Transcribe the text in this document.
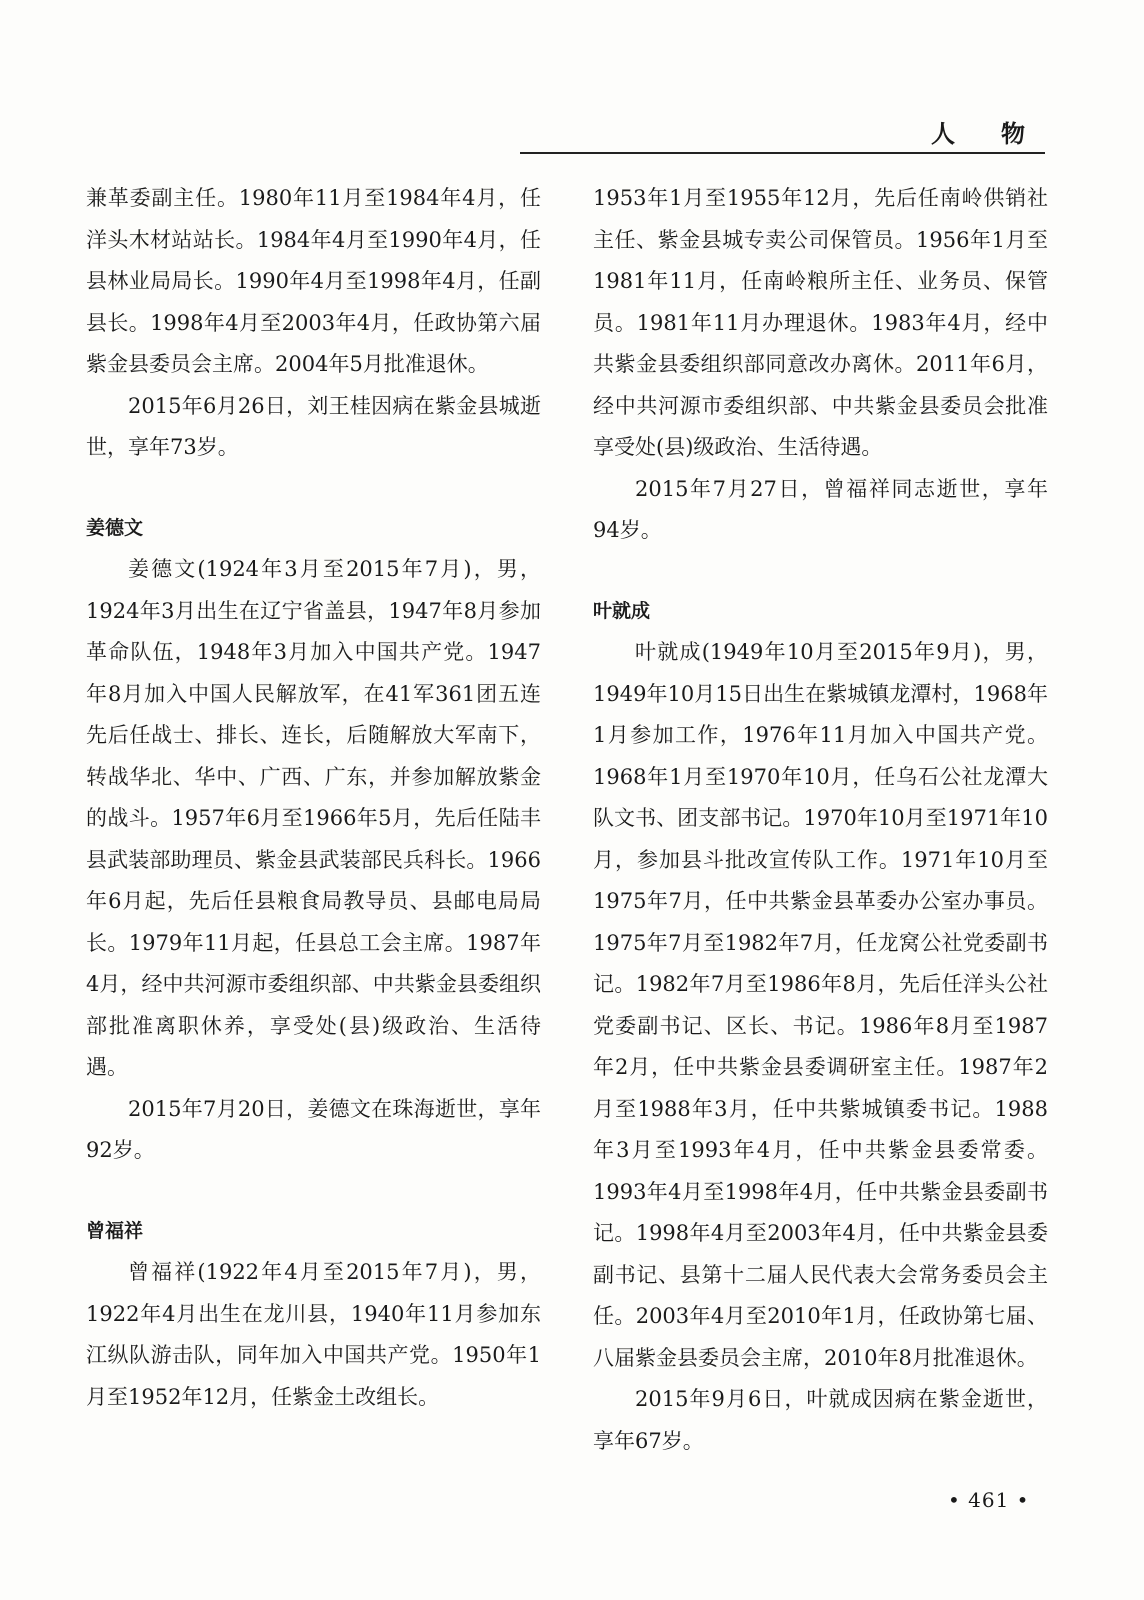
人物

兼革委副主任。1980年11月至1984年4月，任洋头木材站站长。1984年4月至1990年4月，任县林业局局长。1990年4月至1998年4月，任副县长。1998年4月至2003年4月，任政协第六届紫金县委员会主席。2004年5月批准退休。

2015年6月26日，刘王桂因病在紫金县城逝世，享年73岁。

姜德文

姜德文(1924年3月至2015年7月)，男，1924年3月出生在辽宁省盖县，1947年8月参加革命队伍，1948年3月加入中国共产党。1947年8月加入中国人民解放军，在41军361团五连先后任战士、排长、连长，后随解放大军南下，转战华北、华中、广西、广东，并参加解放紫金的战斗。1957年6月至1966年5月，先后任陆丰县武装部助理员、紫金县武装部民兵科长。1966年6月起，先后任县粮食局教导员、县邮电局局长。1979年11月起，任县总工会主席。1987年4月，经中共河源市委组织部、中共紫金县委组织部批准离职休养，享受处(县)级政治、生活待遇。

2015年7月20日，姜德文在珠海逝世，享年92岁。

曾福祥

曾福祥(1922年4月至2015年7月)，男，1922年4月出生在龙川县，1940年11月参加东江纵队游击队，同年加入中国共产党。1950年1月至1952年12月，任紫金土改组长。

1953年1月至1955年12月，先后任南岭供销社主任、紫金县城专卖公司保管员。1956年1月至1981年11月，任南岭粮所主任、业务员、保管员。1981年11月办理退休。1983年4月，经中共紫金县委组织部同意改办离休。2011年6月，经中共河源市委组织部、中共紫金县委员会批准享受处(县)级政治、生活待遇。

2015年7月27日，曾福祥同志逝世，享年94岁。

叶就成

叶就成(1949年10月至2015年9月)，男，1949年10月15日出生在紫城镇龙潭村，1968年1月参加工作，1976年11月加入中国共产党。1968年1月至1970年10月，任乌石公社龙潭大队文书、团支部书记。1970年10月至1971年10月，参加县斗批改宣传队工作。1971年10月至1975年7月，任中共紫金县革委办公室办事员。1975年7月至1982年7月，任龙窝公社党委副书记。1982年7月至1986年8月，先后任洋头公社党委副书记、区长、书记。1986年8月至1987年2月，任中共紫金县委调研室主任。1987年2月至1988年3月，任中共紫城镇委书记。1988年3月至1993年4月，任中共紫金县委常委。1993年4月至1998年4月，任中共紫金县委副书记。1998年4月至2003年4月，任中共紫金县委副书记、县第十二届人民代表大会常务委员会主任。2003年4月至2010年1月，任政协第七届、八届紫金县委员会主席，2010年8月批准退休。

2015年9月6日，叶就成因病在紫金逝世，享年67岁。

• 461 •
